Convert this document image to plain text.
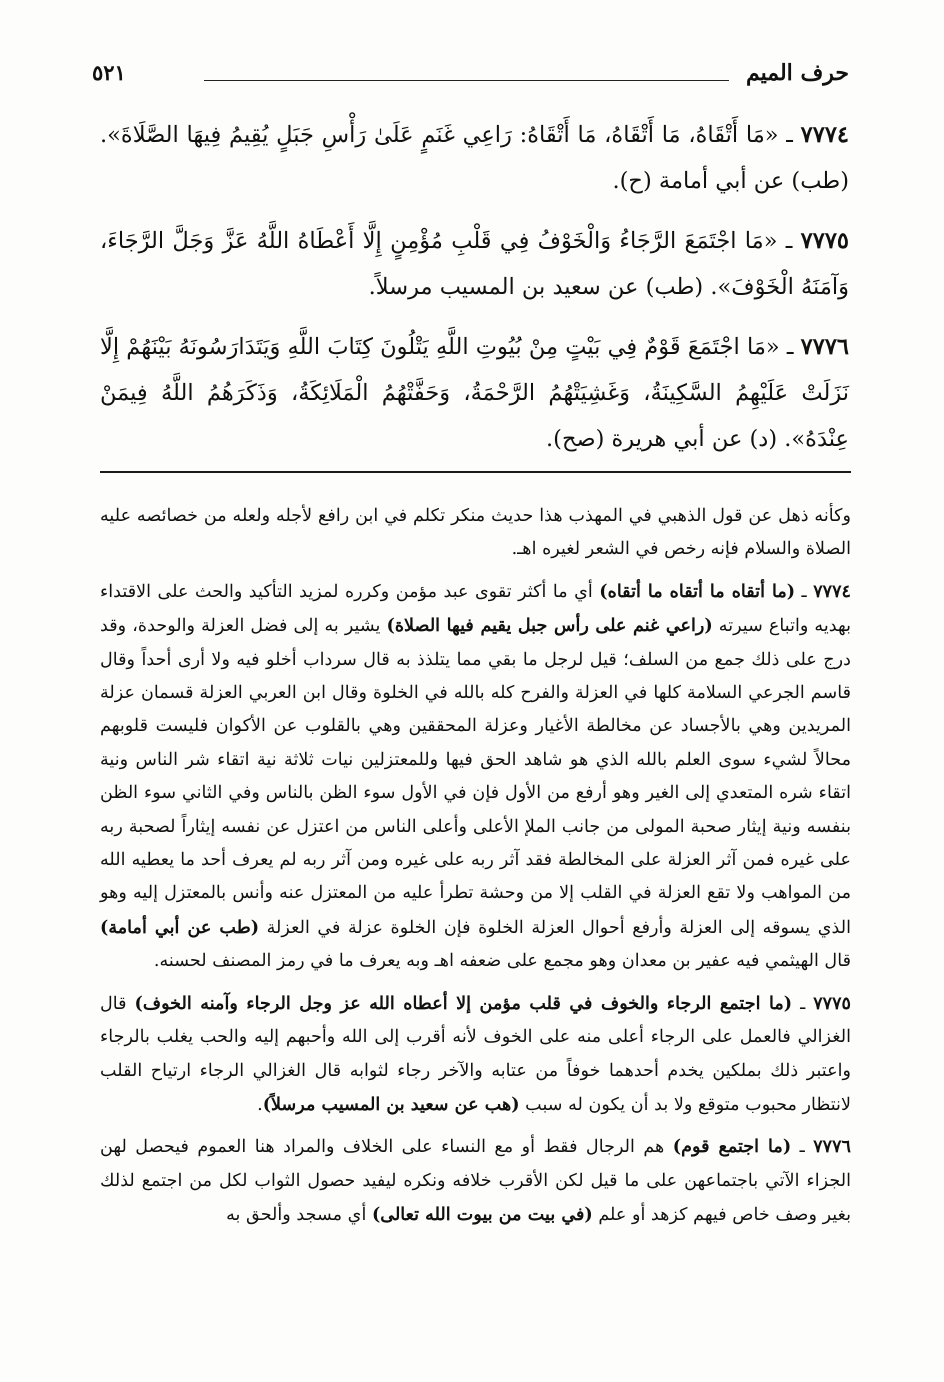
حرف الميم
٥٢١

٧٧٧٤ ـ «مَا أَتْقَاهُ، مَا أَتْقَاهُ، مَا أَتْقَاهُ: رَاعِي غَنَمٍ عَلَىٰ رَأْسِ جَبَلٍ يُقِيمُ فِيهَا الصَّلَاةَ». (طب) عن أبي أمامة (ح).

٧٧٧٥ ـ «مَا اجْتَمَعَ الرَّجَاءُ وَالْخَوْفُ فِي قَلْبِ مُؤْمِنٍ إِلَّا أَعْطَاهُ اللَّهُ عَزَّ وَجَلَّ الرَّجَاءَ، وَآمَنَهُ الْخَوْفَ». (طب) عن سعيد بن المسيب مرسلاً.

٧٧٧٦ ـ «مَا اجْتَمَعَ قَوْمٌ فِي بَيْتٍ مِنْ بُيُوتِ اللَّهِ يَتْلُونَ كِتَابَ اللَّهِ وَيَتَدَارَسُونَهُ بَيْنَهُمْ إِلَّا نَزَلَتْ عَلَيْهِمُ السَّكِينَةُ، وَغَشِيَتْهُمُ الرَّحْمَةُ، وَحَفَّتْهُمُ الْمَلَائِكَةُ، وَذَكَرَهُمُ اللَّهُ فِيمَنْ عِنْدَهُ». (د) عن أبي هريرة (صح).

وكأنه ذهل عن قول الذهبي في المهذب هذا حديث منكر تكلم في ابن رافع لأجله ولعله من خصائصه عليه الصلاة والسلام فإنه رخص في الشعر لغيره اهـ.

٧٧٧٤ ـ (ما أتقاه ما أتقاه ما أتقاه) أي ما أكثر تقوى عبد مؤمن وكرره لمزيد التأكيد والحث على الاقتداء بهديه واتباع سيرته (راعي غنم على رأس جبل يقيم فيها الصلاة) يشير به إلى فضل العزلة والوحدة، وقد درج على ذلك جمع من السلف؛ قيل لرجل ما بقي مما يتلذذ به قال سرداب أخلو فيه ولا أرى أحداً وقال قاسم الجرعي السلامة كلها في العزلة والفرح كله بالله في الخلوة وقال ابن العربي العزلة قسمان عزلة المريدين وهي بالأجساد عن مخالطة الأغيار وعزلة المحققين وهي بالقلوب عن الأكوان فليست قلوبهم محالاً لشيء سوى العلم بالله الذي هو شاهد الحق فيها وللمعتزلين نيات ثلاثة نية اتقاء شر الناس ونية اتقاء شره المتعدي إلى الغير وهو أرفع من الأول فإن في الأول سوء الظن بالناس وفي الثاني سوء الظن بنفسه ونية إيثار صحبة المولى من جانب الملإ الأعلى وأعلى الناس من اعتزل عن نفسه إيثاراً لصحبة ربه على غيره فمن آثر العزلة على المخالطة فقد آثر ربه على غيره ومن آثر ربه لم يعرف أحد ما يعطيه الله من المواهب ولا تقع العزلة في القلب إلا من وحشة تطرأ عليه من المعتزل عنه وأنس بالمعتزل إليه وهو الذي يسوقه إلى العزلة وأرفع أحوال العزلة الخلوة فإن الخلوة عزلة في العزلة (طب عن أبي أمامة) قال الهيثمي فيه عفير بن معدان وهو مجمع على ضعفه اهـ وبه يعرف ما في رمز المصنف لحسنه.

٧٧٧٥ ـ (ما اجتمع الرجاء والخوف في قلب مؤمن إلا أعطاه الله عز وجل الرجاء وآمنه الخوف) قال الغزالي فالعمل على الرجاء أعلى منه على الخوف لأنه أقرب إلى الله وأحبهم إليه والحب يغلب بالرجاء واعتبر ذلك بملكين يخدم أحدهما خوفاً من عتابه والآخر رجاء لثوابه قال الغزالي الرجاء ارتياح القلب لانتظار محبوب متوقع ولا بد أن يكون له سبب (هب عن سعيد بن المسيب مرسلاً).

٧٧٧٦ ـ (ما اجتمع قوم) هم الرجال فقط أو مع النساء على الخلاف والمراد هنا العموم فيحصل لهن الجزاء الآتي باجتماعهن على ما قيل لكن الأقرب خلافه ونكره ليفيد حصول الثواب لكل من اجتمع لذلك بغير وصف خاص فيهم كزهد أو علم (في بيت من بيوت الله تعالى) أي مسجد وألحق به
